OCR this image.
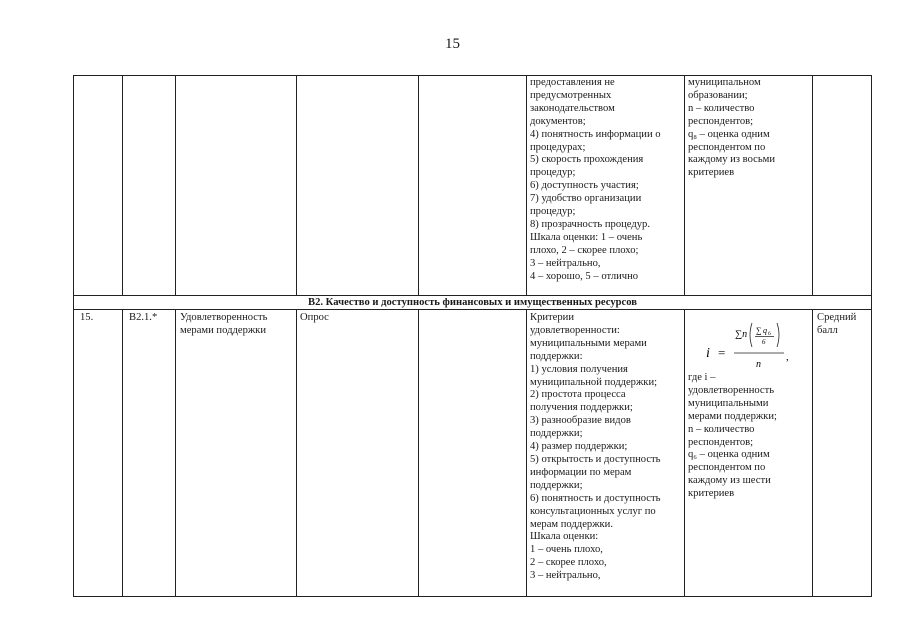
15
предоставления не
предусмотренных
законодательством
документов;
4) понятность информации о
процедурах;
5) скорость прохождения
процедур;
6) доступность участия;
7) удобство организации
процедур;
8) прозрачность процедур.
Шкала оценки: 1 – очень
плохо, 2 – скорее плохо;
3 – нейтрально,
4 – хорошо, 5 – отлично
муниципальном
образовании;
n – количество
респондентов;
q₈ – оценка одним
респондентом по
каждому из восьми
критериев
В2. Качество и доступность финансовых и имущественных ресурсов
15.	В2.1.* Удовлетворенность
мерами поддержки
Опрос	Критерии
удовлетворенности:
муниципальными мерами
поддержки:
1) условия получения
муниципальной поддержки;
2) простота процесса
получения поддержки;
3) разнообразие видов
поддержки;
4) размер поддержки;
5) открытость и доступность
информации по мерам
поддержки;
6) понятность и доступность
консультационных услуг по
мерам поддержки.
Шкала оценки:
1 – очень плохо,
2 – скорее плохо,
3 – нейтрально,
i =
∑n ∑ q 6
6
n
,
где i –
удовлетворенность
муниципальными
мерами поддержки;
n – количество
респондентов;
q₆ – оценка одним
респондентом по
каждому из шести
критериев
Средний
балл
